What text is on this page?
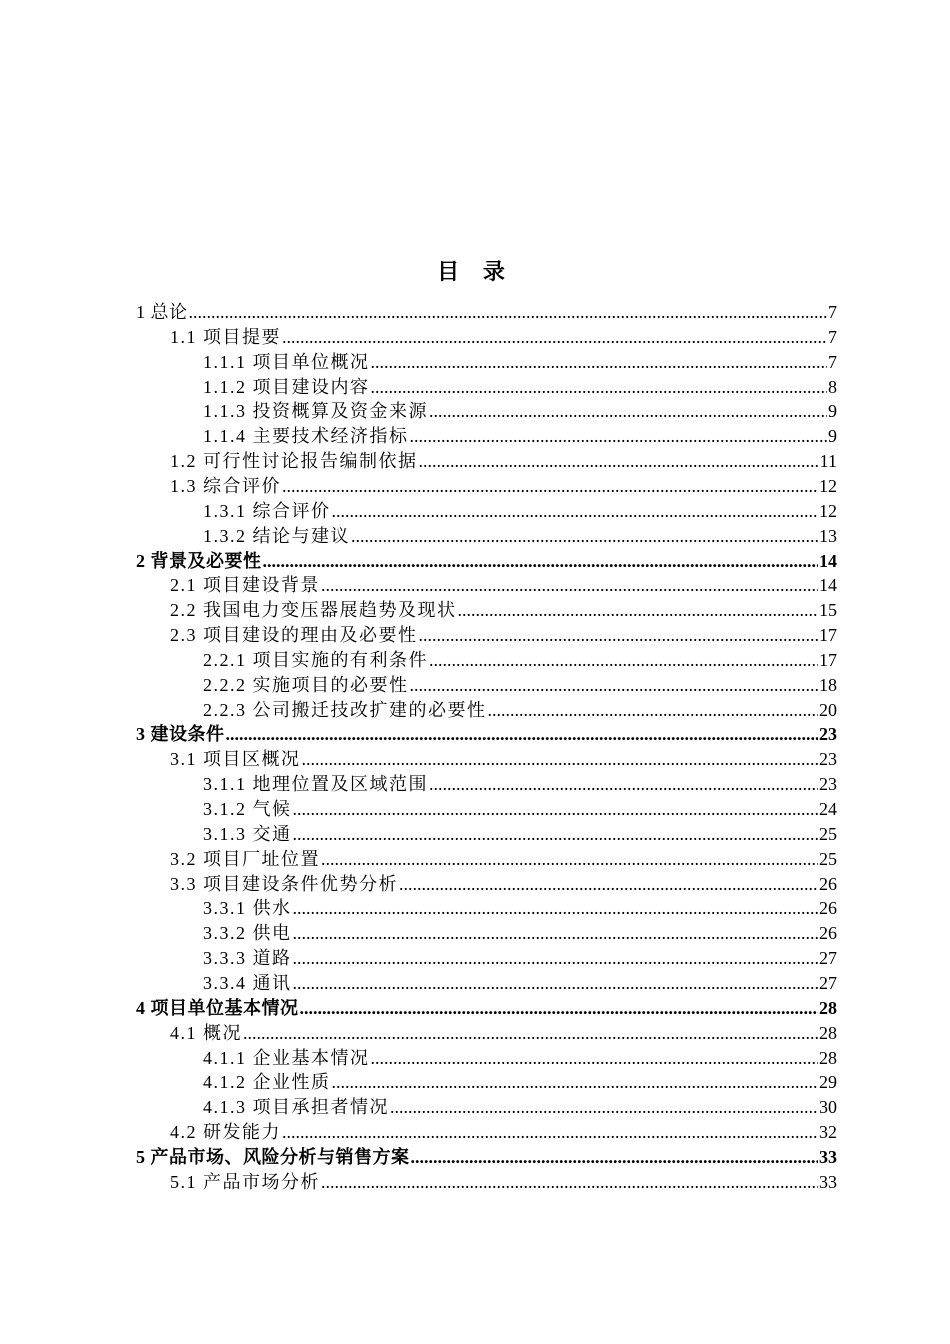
目 录
1 总论 .....	7
1.1 项目提要 .....	7
1.1.1 项目单位概况 .....	7
1.1.2 项目建设内容 .....	8
1.1.3 投资概算及资金来源 .....	9
1.1.4 主要技术经济指标 .....	9
1.2 可行性讨论报告编制依据 .....	11
1.3 综合评价 .....	12
1.3.1 综合评价 .....	12
1.3.2 结论与建议 .....	13
2 背景及必要性 .....	14
2.1 项目建设背景 .....	14
2.2 我国电力变压器展趋势及现状 .....	15
2.3 项目建设的理由及必要性 .....	17
2.2.1 项目实施的有利条件 .....	17
2.2.2 实施项目的必要性 .....	18
2.2.3 公司搬迁技改扩建的必要性 .....	20
3 建设条件 .....	23
3.1 项目区概况 .....	23
3.1.1 地理位置及区域范围 .....	23
3.1.2 气候 .....	24
3.1.3 交通 .....	25
3.2 项目厂址位置 .....	25
3.3 项目建设条件优势分析 .....	26
3.3.1 供水 .....	26
3.3.2 供电 .....	26
3.3.3 道路 .....	27
3.3.4 通讯 .....	27
4 项目单位基本情况 .....	28
4.1 概况 .....	28
4.1.1 企业基本情况 .....	28
4.1.2 企业性质 .....	29
4.1.3 项目承担者情况 .....	30
4.2 研发能力 .....	32
5 产品市场、风险分析与销售方案 .....	33
5.1 产品市场分析 .....	33
